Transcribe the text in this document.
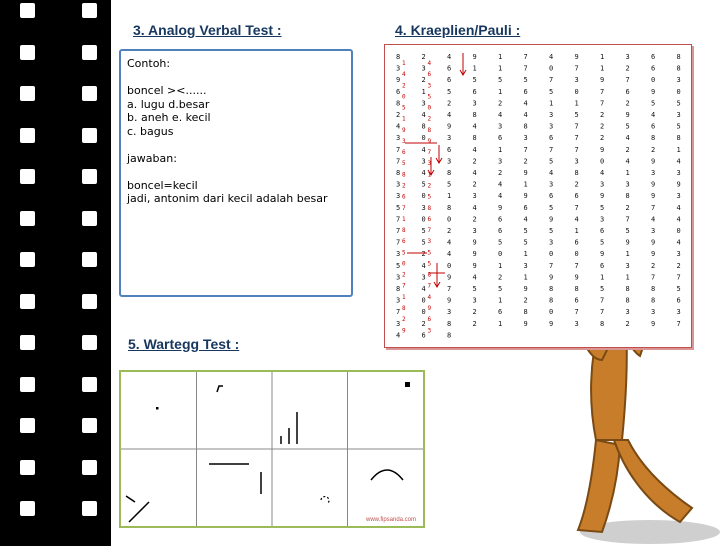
3. Analog Verbal Test :	4. Kraeplien/Pauli :
5. Wartegg Test :
Contoh:
boncel ><......
a. lugu d.besar
b. aneh e. kecil
c. bagus
jawaban:
boncel=kecil
jadi, antonim dari kecil adalah besar
8
3
9
6
8
2
4
3
7
7
8
3
3
5
7
7
7
3
5
3
8
3
7
3
4
2
3
2
1
3
4
8
0
4
3
4
5
0
3
0
5
5
2
4
3
4
0
0
2
6
4
6
6
5
2
4
9
3
6
3
8
5
1
8
0
2
4
4
0
9
7
9
3
8
8
9
1
5
6
3
8
4
8
4
2
4
2
3
4
2
3
9
9
9
4
5
3
2
2
1
1
5
1
2
4
3
6
1
3
2
4
4
9
6
6
5
0
1
2
5
1
6
1
7
7
5
6
4
4
8
3
7
2
9
1
9
6
4
5
5
1
3
1
9
2
8
9
4
0
7
5
1
3
3
6
7
5
4
3
6
5
9
5
3
0
7
9
8
8
0
9
9
7
3
0
1
5
7
7
7
3
8
2
6
7
4
1
6
0
7
9
8
6
7
3
1
1
9
7
7
2
2
2
9
0
4
3
9
5
3
6
5
9
6
1
5
7
7
8
3
2
7
6
2
9
5
4
2
4
1
3
8
2
7
5
9
1
3
1
8
8
3
2
6
6
0
9
5
4
6
8
2
9
3
9
9
7
4
3
9
9
2
7
8
8
3
9
8
8
3
0
5
3
5
8
1
4
3
9
3
4
4
0
4
3
2
7
5
6
3
7
1
4
2
0
5
1
9
3
6
5
8
2
6
7
1
8
6
5
0
2
7
1
8
2
9
4
6
3
5
0
2
8
9
7
3
1
2
5
8
6
7
3
5
5
8
7
4
9
6
3
www.fipsanda.com
